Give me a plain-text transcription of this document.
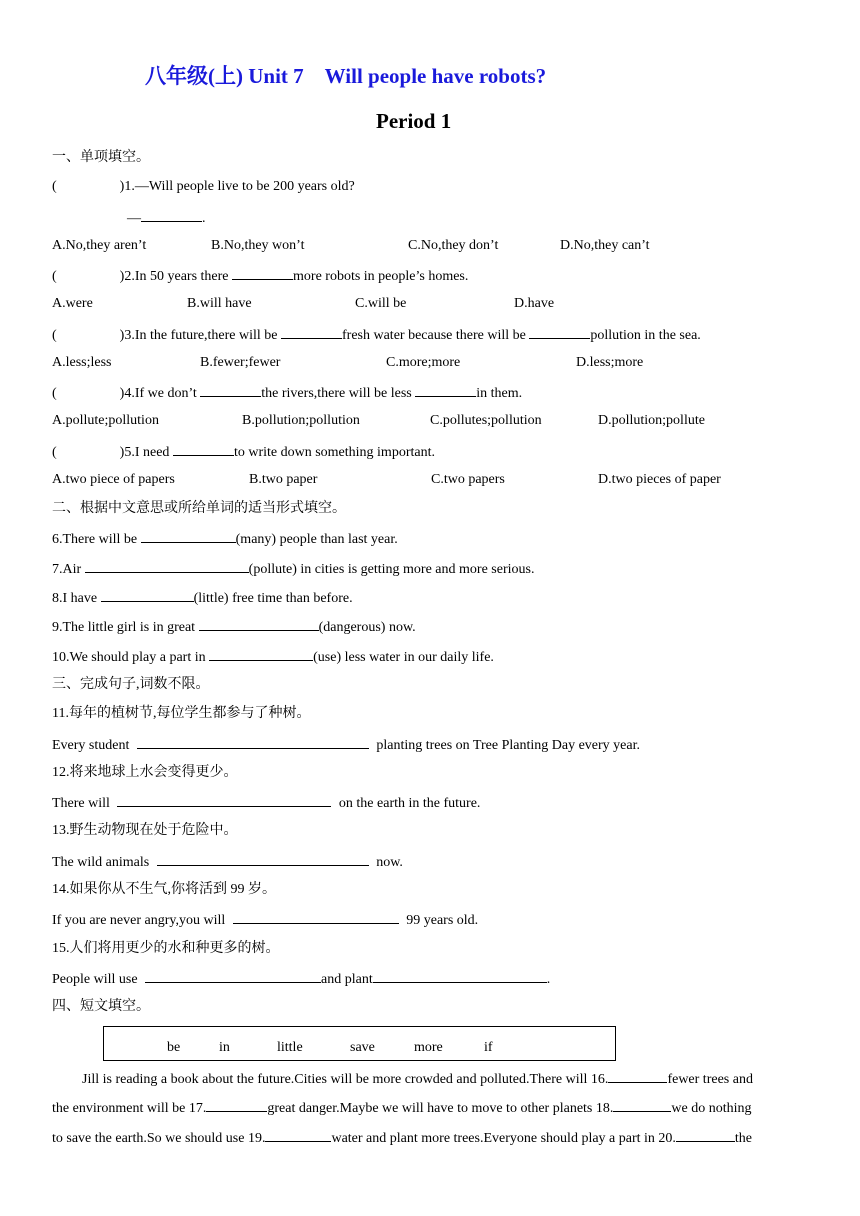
八年级(上) Unit 7　Will people have robots?
Period 1
一、单项填空。
(	)1.—Will people live to be 200 years old?
—	.
A.No,they aren’t	B.No,they won’t	C.No,they don’t	D.No,they can’t
(	)2.In 50 years there	more robots in people’s homes.
A.were	B.will have	C.will be	D.have
(	)3.In the future,there will be	fresh water because there will be	pollution in the sea.
A.less;less	B.fewer;fewer	C.more;more	D.less;more
(	)4.If we don’t	the rivers,there will be less	in them.
A.pollute;pollution	B.pollution;pollution	C.pollutes;pollution	D.pollution;pollute
(	)5.I need	to write down something important.
A.two piece of papers	B.two paper	C.two papers	D.two pieces of paper
二、根据中文意思或所给单词的适当形式填空。
6.There will be	(many) people than last year.
7.Air	(pollute) in cities is getting more and more serious.
8.I have	(little) free time than before.
9.The little girl is in great	(dangerous) now.
10.We should play a part in	(use) less water in our daily life.
三、完成句子,词数不限。
11.每年的植树节,每位学生都参与了种树。
Every student	planting trees on Tree Planting Day every year.
12.将来地球上水会变得更少。
There will	on the earth in the future.
13.野生动物现在处于危险中。
The wild animals	now.
14.如果你从不生气,你将活到 99 岁。
If you are never angry,you will	99 years old.
15.人们将用更少的水和种更多的树。
People will use	and plant	.
四、短文填空。
be	in	little	save	more	if
Jill is reading a book about the future.Cities will be more crowded and polluted.There will 16.	fewer trees and
the environment will be 17.	great danger.Maybe we will have to move to other planets 18.	we do nothing
to save the earth.So we should use 19.	water and plant more trees.Everyone should play a part in 20.	the
